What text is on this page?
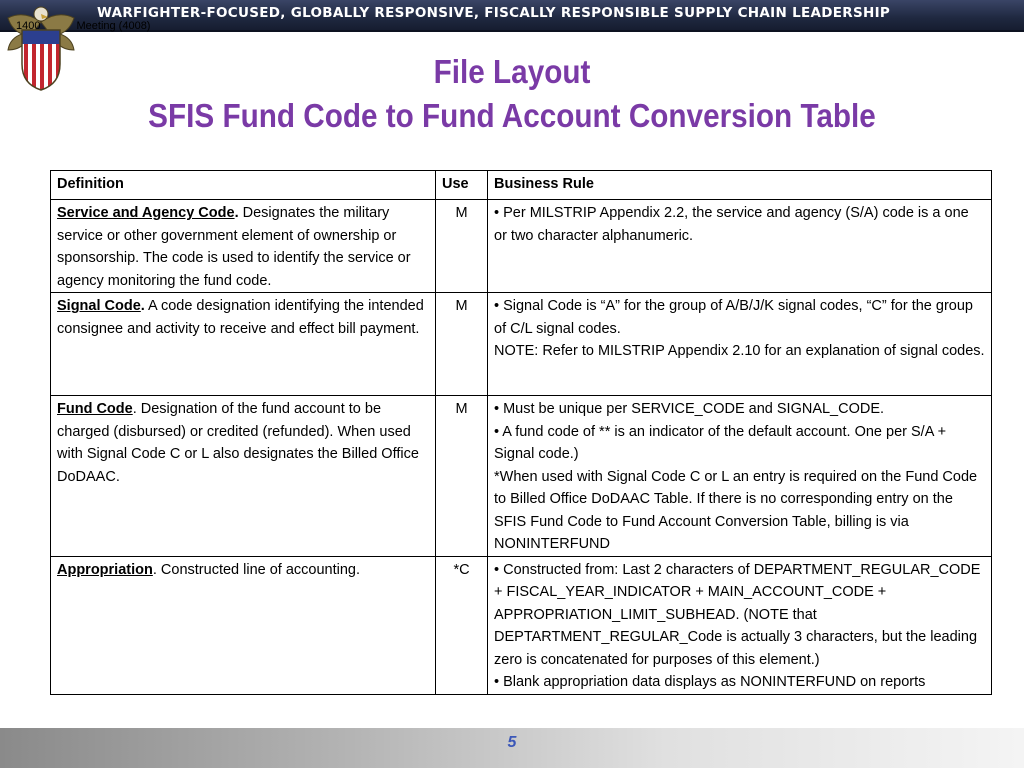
WARFIGHTER-FOCUSED, GLOBALLY RESPONSIVE, FISCALLY RESPONSIBLE SUPPLY CHAIN LEADERSHIP
1400	Meeting (4008)
File Layout
SFIS Fund Code to Fund Account Conversion Table
Definition	Use	Business Rule
Service and Agency Code. Designates the military service or other government element of ownership or sponsorship. The code is used to identify the service or agency monitoring the fund code.	M	• Per MILSTRIP Appendix 2.2, the service and agency (S/A) code is a one or two character alphanumeric.

Signal Code. A code designation identifying the intended consignee and activity to receive and effect bill payment.	M	• Signal Code is “A” for the group of A/B/J/K signal codes, “C” for the group of C/L signal codes.
NOTE: Refer to MILSTRIP Appendix 2.10 for an explanation of signal codes.

Fund Code. Designation of the fund account to be charged (disbursed) or credited (refunded). When used with Signal Code C or L also designates the Billed Office DoDAAC.	M	• Must be unique per SERVICE_CODE and SIGNAL_CODE.
• A fund code of ** is an indicator of the default account. One per S/A + Signal code.)
*When used with Signal Code C or L an entry is required on the Fund Code to Billed Office DoDAAC Table. If there is no corresponding entry on the SFIS Fund Code to Fund Account Conversion Table, billing is via NONINTERFUND

Appropriation. Constructed line of accounting.	*C	• Constructed from: Last 2 characters of DEPARTMENT_REGULAR_CODE + FISCAL_YEAR_INDICATOR + MAIN_ACCOUNT_CODE + APPROPRIATION_LIMIT_SUBHEAD. (NOTE that DEPTARTMENT_REGULAR_Code is actually 3 characters, but the leading zero is concatenated for purposes of this element.)
• Blank appropriation data displays as NONINTERFUND on reports
5
